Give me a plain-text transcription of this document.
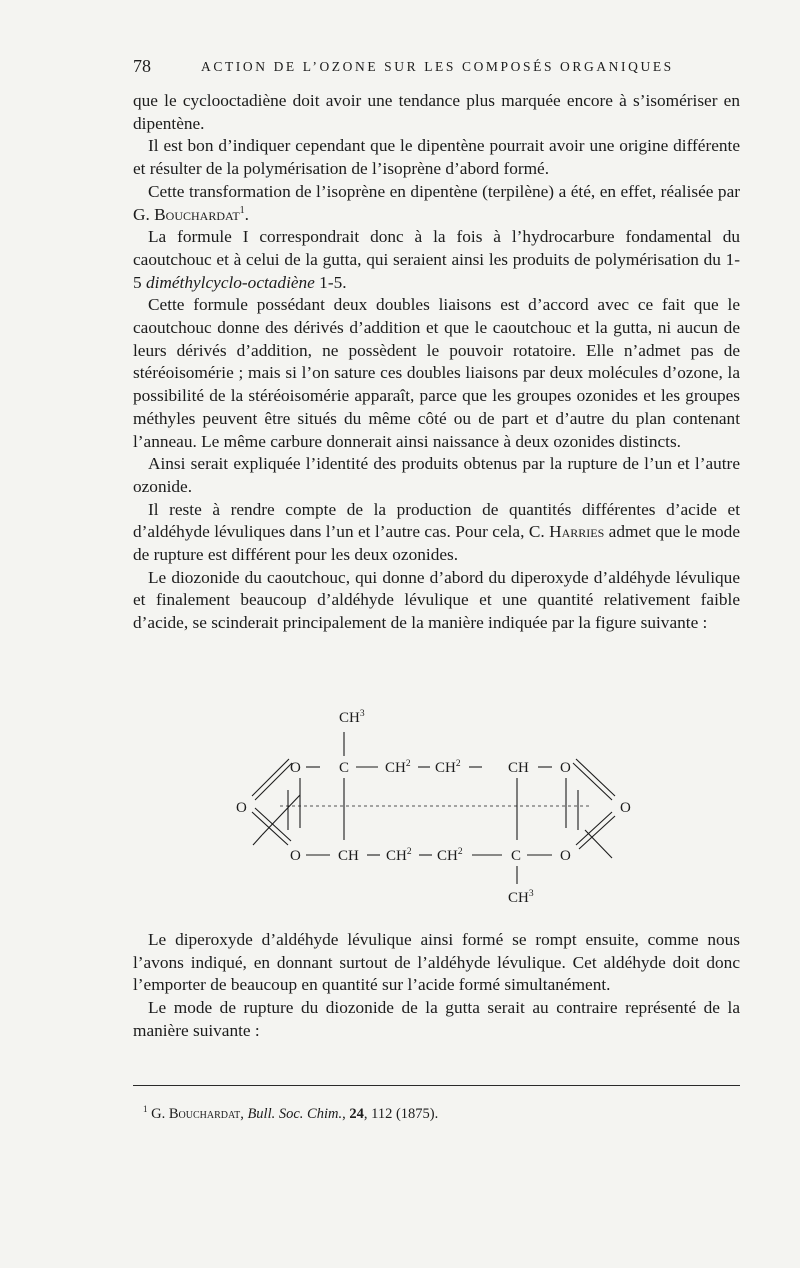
78	ACTION DE L’OZONE SUR LES COMPOSÉS ORGANIQUES

que le cyclooctadiène doit avoir une tendance plus marquée encore à s’isomériser en dipentène.

Il est bon d’indiquer cependant que le dipentène pourrait avoir une origine différente et résulter de la polymérisation de l’isoprène d’abord formé.

Cette transformation de l’isoprène en dipentène (terpilène) a été, en effet, réalisée par G. Bouchardat$^1$.

La formule I correspondrait donc à la fois à l’hydrocarbure fondamental du caoutchouc et à celui de la gutta, qui seraient ainsi les produits de polymérisation du 1-5 diméthylcyclo-octadiène 1-5.

Cette formule possédant deux doubles liaisons est d’accord avec ce fait que le caoutchouc donne des dérivés d’addition et que le caoutchouc et la gutta, ni aucun de leurs dérivés d’addition, ne possèdent le pouvoir rotatoire. Elle n’admet pas de stéréoisomérie ; mais si l’on sature ces doubles liaisons par deux molécules d’ozone, la possibilité de la stéréoisomérie apparaît, parce que les groupes ozonides et les groupes méthyles peuvent être situés du même côté ou de part et d’autre du plan contenant l’anneau. Le même carbure donnerait ainsi naissance à deux ozonides distincts.

Ainsi serait expliquée l’identité des produits obtenus par la rupture de l’un et l’autre ozonide.

Il reste à rendre compte de la production de quantités différentes d’acide et d’aldéhyde lévuliques dans l’un et l’autre cas. Pour cela, C. Harries admet que le mode de rupture est différent pour les deux ozonides.

Le diozonide du caoutchouc, qui donne d’abord du diperoxyde d’aldéhyde lévulique et finalement beaucoup d’aldéhyde lévulique et une quantité relativement faible d’acide, se scinderait principalement de la manière indiquée par la figure suivante :

$CH^3$
O	C $CH^2$ $CH^2$	CH O
O	O
O CH $CH^2$ $CH^2$	C	O
$CH^3$

Le diperoxyde d’aldéhyde lévulique ainsi formé se rompt ensuite, comme nous l’avons indiqué, en donnant surtout de l’aldéhyde lévulique. Cet aldéhyde doit donc l’emporter de beaucoup en quantité sur l’acide formé simultanément.

Le mode de rupture du diozonide de la gutta serait au contraire représenté de la manière suivante :

$^1$ G. Bouchardat, Bull. Soc. Chim., 24, 112 (1875).
